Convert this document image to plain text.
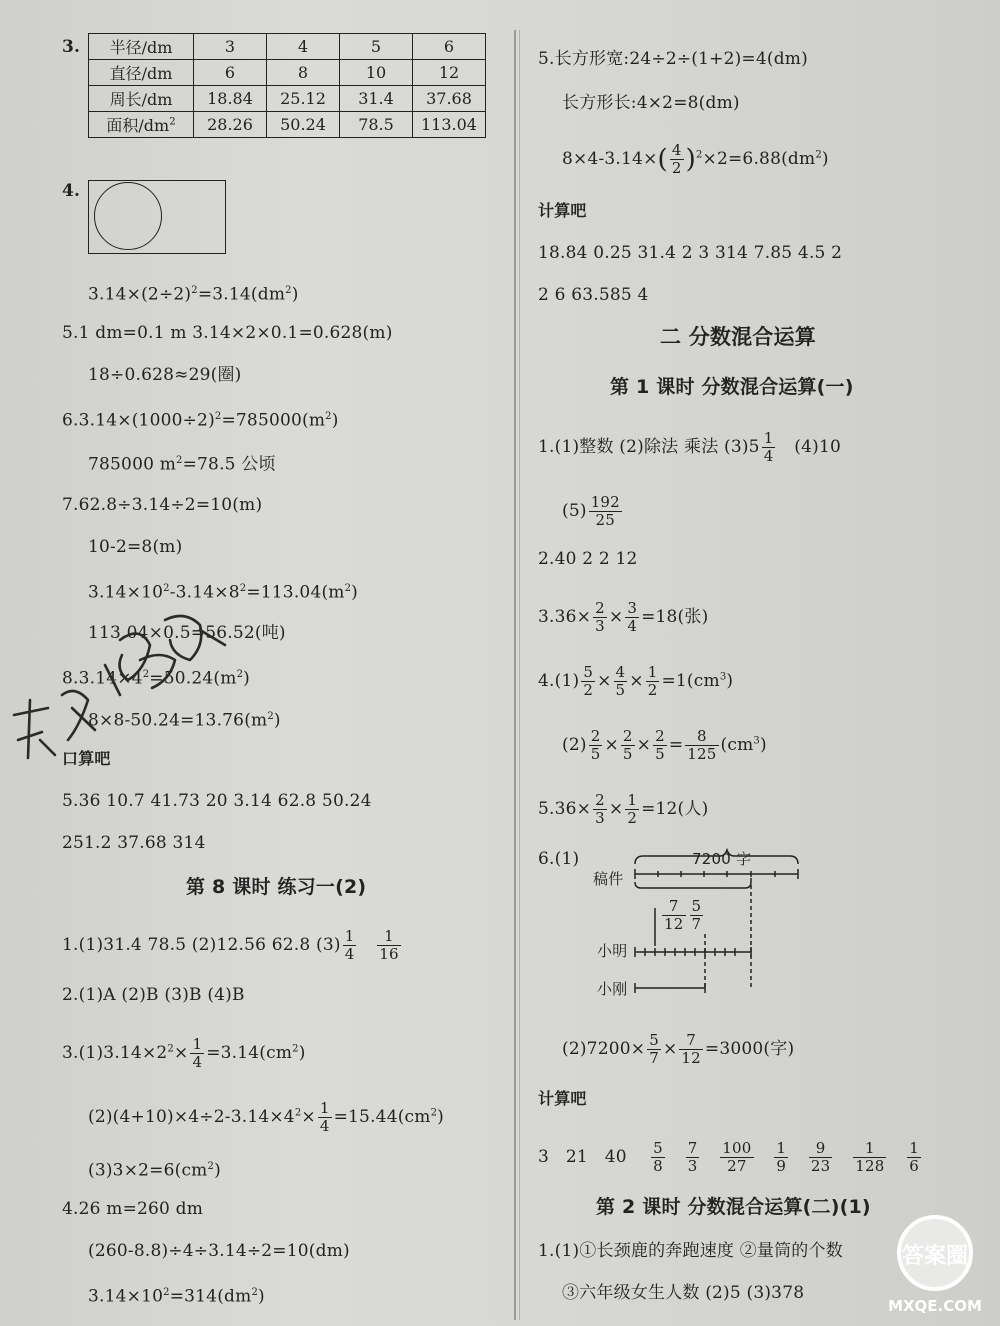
3. 半径/dm	3	4	5	6
直径/dm	6	8	10	12
周长/dm	18.84	25.12	31.4	37.68
面积$/dm^2$	28.26	50.24	78.5	113.04
4.
$3.14\times(2\div 2)^2=3.14(dm^2)$
5.1 dm=0.1 m 3.14×2×0.1=0.628(m)
18÷0.628≈29(圈)
$6.3.14\times(1000\div 2)^2=785000(m^2)$
785000 $m^2=78.5$ 公顷
7.62.8÷3.14÷2=10(m)
10-2=8(m)
$3.14\times 10^2-3.14\times 8^2=113.04(m^2)$
113.04×0.5=56.52(吨)
$8.3.14\times 4^2=50.24(m^2)$
$8\times 8-50.24=13.76(m^2)$
口算吧
5.36 10.7 41.73 20 3.14 62.8 50.24
251.2 37.68 314
第 8 课时 练习一(2)
1.(1)31.4 78.5 (2)12.56 62.8 $(3) \frac{1}{4}$
$\frac{1}{16}$
2.(1)A (2)B (3)B (4)B
$3.(1)3.14\times 2^2\times \frac{1}{4} =3.14(cm^2)$
$(2)(4+10)\times 4\div 2-3.14\times 4^2\times \frac{1}{4} =15.44(cm^2)$
$(3)3\times 2=6(cm^2)$
4.26 m=260 dm
(260-8.8)÷4÷3.14÷2=10(dm)
$3.14\times 10^2=314(dm^2)$
5.长方形宽:24÷2÷(1+2)=4(dm)
长方形长:4×2=8(dm)
$8\times 4-3.14\times( \frac{4}{2} )^2\times 2=6.88(dm^2)$
计算吧
18.84 0.25 31.4 2 3 314 7.85 4.5 2
2 6 63.585 4
二 分数混合运算
第 1 课时 分数混合运算(一)
1.(1)整数 (2)除法 乘法 $(3)5 \frac{1}{4} (4)10$
$(5) \frac{192}{25}$
2.40 2 2 12
$3.36\times \frac{2}{3} \times \frac{3}{4} =18$(张)
$4.(1) \frac{5}{2} \times \frac{4}{5} \times \frac{1}{2} =1(cm^3)$
$(2) \frac{2}{5} \times \frac{2}{5} \times \frac{2}{5} = \frac{8}{125} (cm^3)$
$5.36\times \frac{2}{3} \times \frac{1}{2} =12$(人)
6.(1)	7200 字
稿件
$\frac{7}{12} \frac{5}{7}$
小明
小刚
$(2)7200\times \frac{5}{7} \times \frac{7}{12} =3000$(字)
计算吧
3 21 $40 \frac{5}{8}$
$\frac{7}{3}$
$\frac{100}{27}$
$\frac{1}{9}$
$\frac{9}{23}$
$\frac{1}{128}$
$\frac{1}{6}$
第 2 课时 分数混合运算(二)(1)
1.(1)①长颈鹿的奔跑速度 ②量筒的个数
③六年级女生人数 (2)5 (3)378
答案圈
MXQE.COM
